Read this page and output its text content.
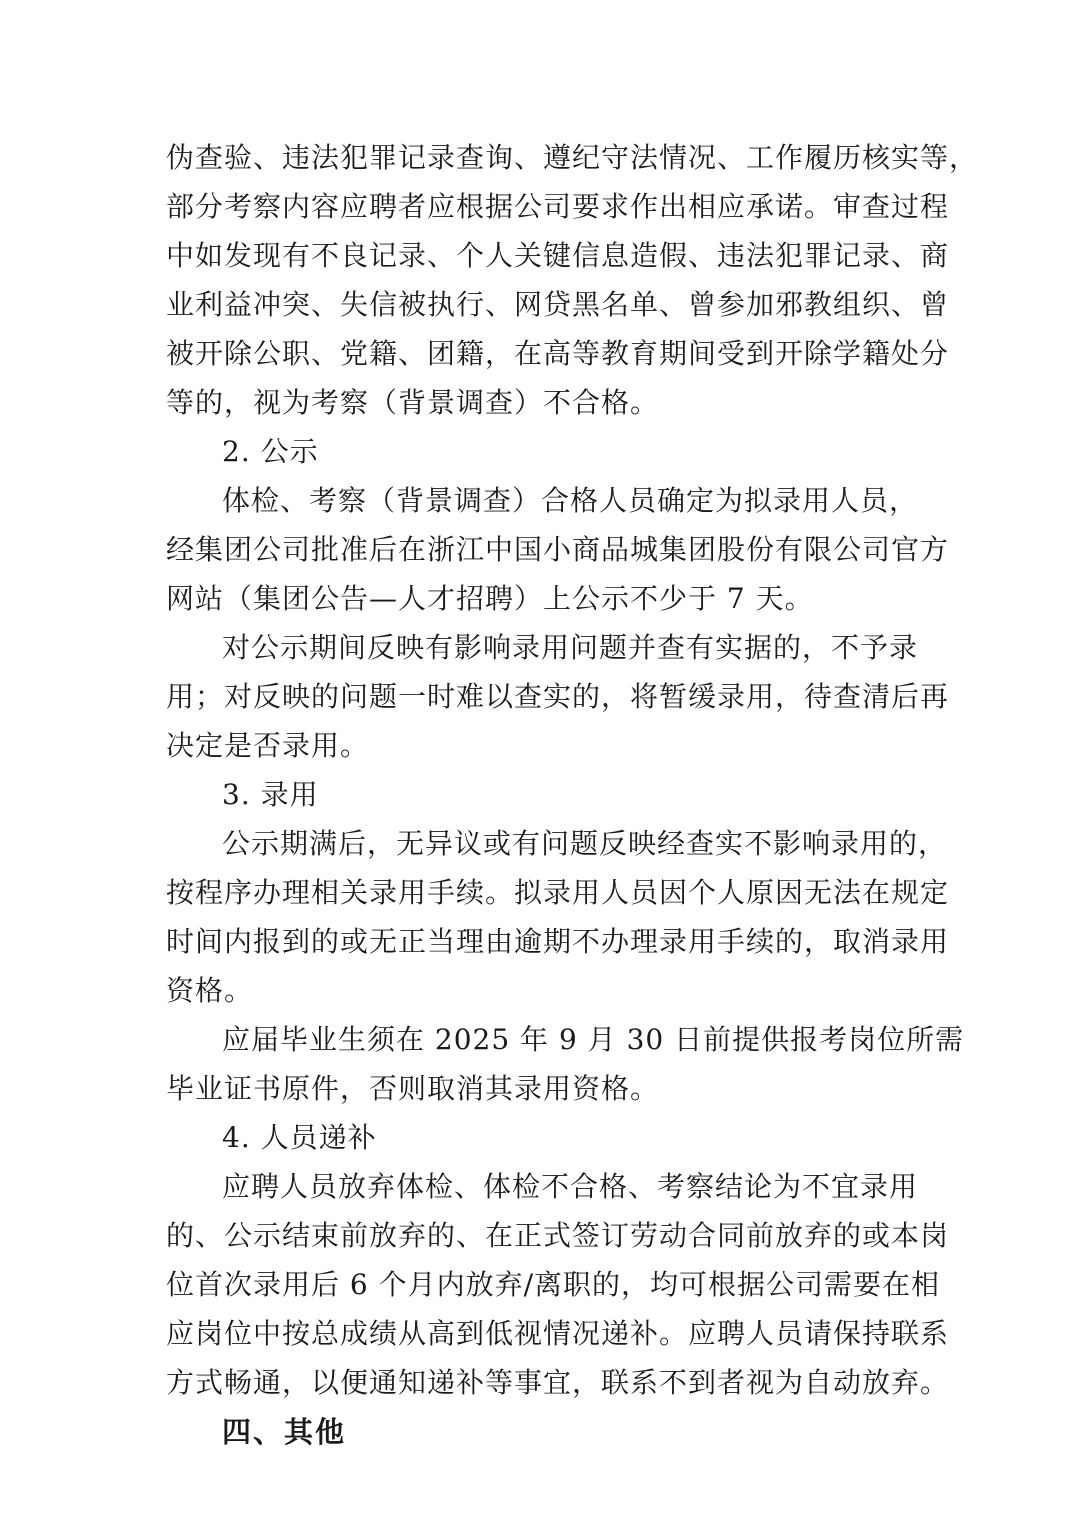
伪查验、违法犯罪记录查询、遵纪守法情况、工作履历核实等，
部分考察内容应聘者应根据公司要求作出相应承诺。审查过程
中如发现有不良记录、个人关键信息造假、违法犯罪记录、商
业利益冲突、失信被执行、网贷黑名单、曾参加邪教组织、曾
被开除公职、党籍、团籍，在高等教育期间受到开除学籍处分
等的，视为考察（背景调查）不合格。
2. 公示
体检、考察（背景调查）合格人员确定为拟录用人员，
经集团公司批准后在浙江中国小商品城集团股份有限公司官方
网站（集团公告—人才招聘）上公示不少于 7 天。
对公示期间反映有影响录用问题并查有实据的，不予录
用；对反映的问题一时难以查实的，将暂缓录用，待查清后再
决定是否录用。
3. 录用
公示期满后，无异议或有问题反映经查实不影响录用的，
按程序办理相关录用手续。拟录用人员因个人原因无法在规定
时间内报到的或无正当理由逾期不办理录用手续的，取消录用
资格。
应届毕业生须在 2025 年 9 月 30 日前提供报考岗位所需
毕业证书原件，否则取消其录用资格。
4. 人员递补
应聘人员放弃体检、体检不合格、考察结论为不宜录用
的、公示结束前放弃的、在正式签订劳动合同前放弃的或本岗
位首次录用后 6 个月内放弃/离职的，均可根据公司需要在相
应岗位中按总成绩从高到低视情况递补。应聘人员请保持联系
方式畅通，以便通知递补等事宜，联系不到者视为自动放弃。
四、其他
